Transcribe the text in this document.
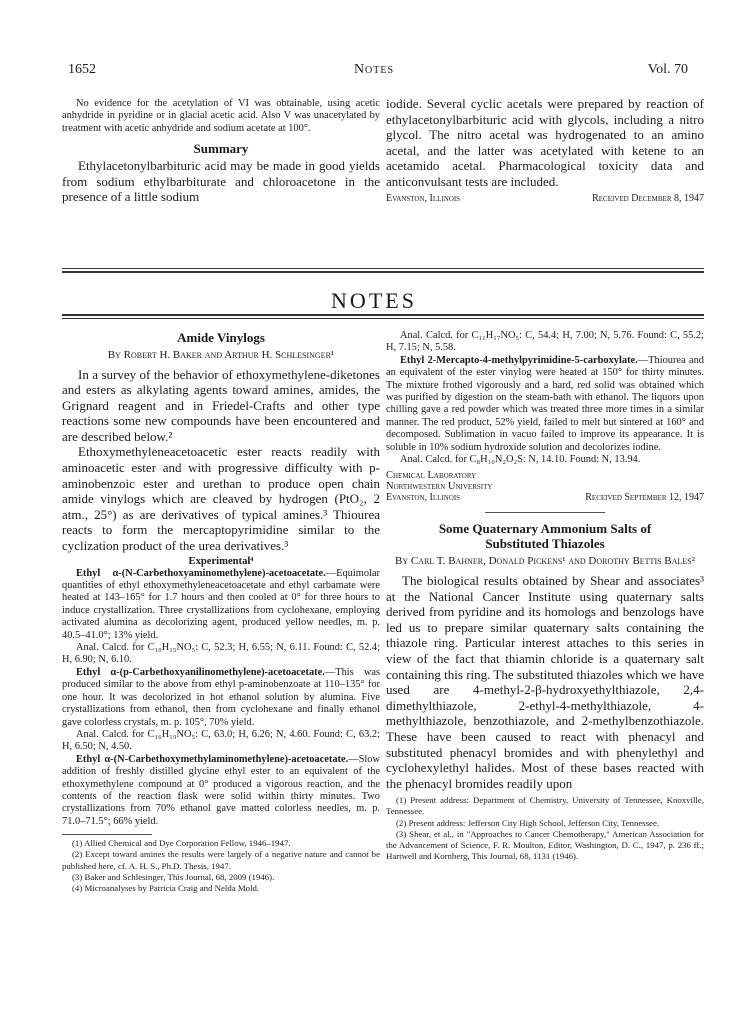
1652	Notes	Vol. 70

No evidence for the acetylation of VI was obtainable, using acetic anhydride in pyridine or in glacial acetic acid. Also V was unacetylated by treatment with acetic anhydride and sodium acetate at 100°.

Summary

Ethylacetonylbarbituric acid may be made in good yields from sodium ethylbarbiturate and chloroacetone in the presence of a little sodium

iodide. Several cyclic acetals were prepared by reaction of ethylacetonylbarbituric acid with glycols, including a nitro glycol. The nitro acetal was hydrogenated to an amino acetal, and the latter was acetylated with ketene to an acetamido acetal. Pharmacological toxicity data and anticonvulsant tests are included.

Evanston, Illinois	Received December 8, 1947
NOTES
Amide Vinylogs
By Robert H. Baker and Arthur H. Schlesinger¹

In a survey of the behavior of ethoxymethylene-diketones and esters as alkylating agents toward amines, amides, the Grignard reagent and in Friedel-Crafts and other type reactions some new compounds have been encountered and are described below.²

Ethoxymethyleneacetoacetic ester reacts readily with aminoacetic ester and with progressive difficulty with p-aminobenzoic ester and urethan to produce open chain amide vinylogs which are cleaved by hydrogen (PtO₂, 2 atm., 25°) as are derivatives of typical amines.³ Thiourea reacts to form the mercaptopyrimidine similar to the cyclization product of the urea derivatives.³

Experimental⁴

Ethyl α-(N-Carbethoxyaminomethylene)-acetoacetate.—Equimolar quantities of ethyl ethoxymethyleneacetoacetate and ethyl carbamate were heated at 143–165° for 1.7 hours and then cooled at 0° for three hours to induce crystallization. Three crystallizations from cyclohexane, employing activated alumina as decolorizing agent, produced yellow needles, m. p. 40.5–41.0°; 13% yield.

Anal. Calcd. for C₁₀H₁₅NO₅: C, 52.3; H, 6.55; N, 6.11. Found: C, 52.4; H, 6.90; N, 6.10.

Ethyl α-(p-Carbethoxyanilinomethylene)-acetoacetate.—This was produced similar to the above from ethyl p-aminobenzoate at 110–135° for one hour. It was decolorized in hot ethanol solution by alumina. Five crystallizations from ethanol, then from cyclohexane and finally ethanol gave colorless crystals, m. p. 105°, 70% yield.

Anal. Calcd. for C₁₆H₁₉NO₅: C, 63.0; H, 6.26; N, 4.60. Found: C, 63.2; H, 6.50; N, 4.50.

Ethyl α-(N-Carbethoxymethylaminomethylene)-acetoacetate.—Slow addition of freshly distilled glycine ethyl ester to an equivalent of the ethoxymethylene compound at 0° produced a vigorous reaction, and the contents of the reaction flask were solid within thirty minutes. Two crystallizations from 70% ethanol gave matted colorless needles, m. p. 71.0–71.5°; 66% yield.

(1) Allied Chemical and Dye Corporation Fellow, 1946–1947.

(2) Except toward amines the results were largely of a negative nature and cannot be published here, cf. A. H. S., Ph.D. Thesis, 1947.

(3) Baker and Schlesinger, This Journal, 68, 2009 (1946).

(4) Microanalyses by Patricia Craig and Nelda Mold.

Anal. Calcd. for C₁₁H₁₇NO₅: C, 54.4; H, 7.00; N, 5.76. Found: C, 55.2; H, 7.15; N, 5.58.

Ethyl 2-Mercapto-4-methylpyrimidine-5-carboxylate.—Thiourea and an equivalent of the ester vinylog were heated at 150° for thirty minutes. The mixture frothed vigorously and a hard, red solid was obtained which was purified by digestion on the steam-bath with ethanol. The liquors upon chilling gave a red powder which was treated three more times in a similar manner. The red product, 52% yield, failed to melt but sintered at 160° and decomposed. Sublimation in vacuo failed to improve its appearance. It is soluble in 10% sodium hydroxide solution and decolorizes iodine.

Anal. Calcd. for C₈H₁₀N₂O₂S: N, 14.10. Found: N, 13.94.

Chemical Laboratory
Northwestern University
Evanston, Illinois	Received September 12, 1947
Some Quaternary Ammonium Salts of
Substituted Thiazoles
By Carl T. Bahner, Donald Pickens¹ and Dorothy Bettis Bales²

The biological results obtained by Shear and associates³ at the National Cancer Institute using quaternary salts derived from pyridine and its homologs and benzologs have led us to prepare similar quaternary salts containing the thiazole ring. Particular interest attaches to this series in view of the fact that thiamin chloride is a quaternary salt containing this ring. The substituted thiazoles which we have used are 4-methyl-2-β-hydroxyethylthiazole, 2,4-dimethylthiazole, 2-ethyl-4-methylthiazole, 4-methylthiazole, benzothiazole, and 2-methylbenzothiazole. These have been caused to react with phenacyl and substituted phenacyl bromides and with phenylethyl and cyclohexylethyl halides. Most of these bases reacted with the phenacyl bromides readily upon

(1) Present address: Department of Chemistry, University of Tennessee, Knoxville, Tennessee.

(2) Present address: Jefferson City High School, Jefferson City, Tennessee.

(3) Shear, et al., in "Approaches to Cancer Chemotherapy," American Association for the Advancement of Science, F. R. Moulton, Editor, Washington, D. C., 1947, p. 236 ff.; Hartwell and Kornberg, This Journal, 68, 1131 (1946).
